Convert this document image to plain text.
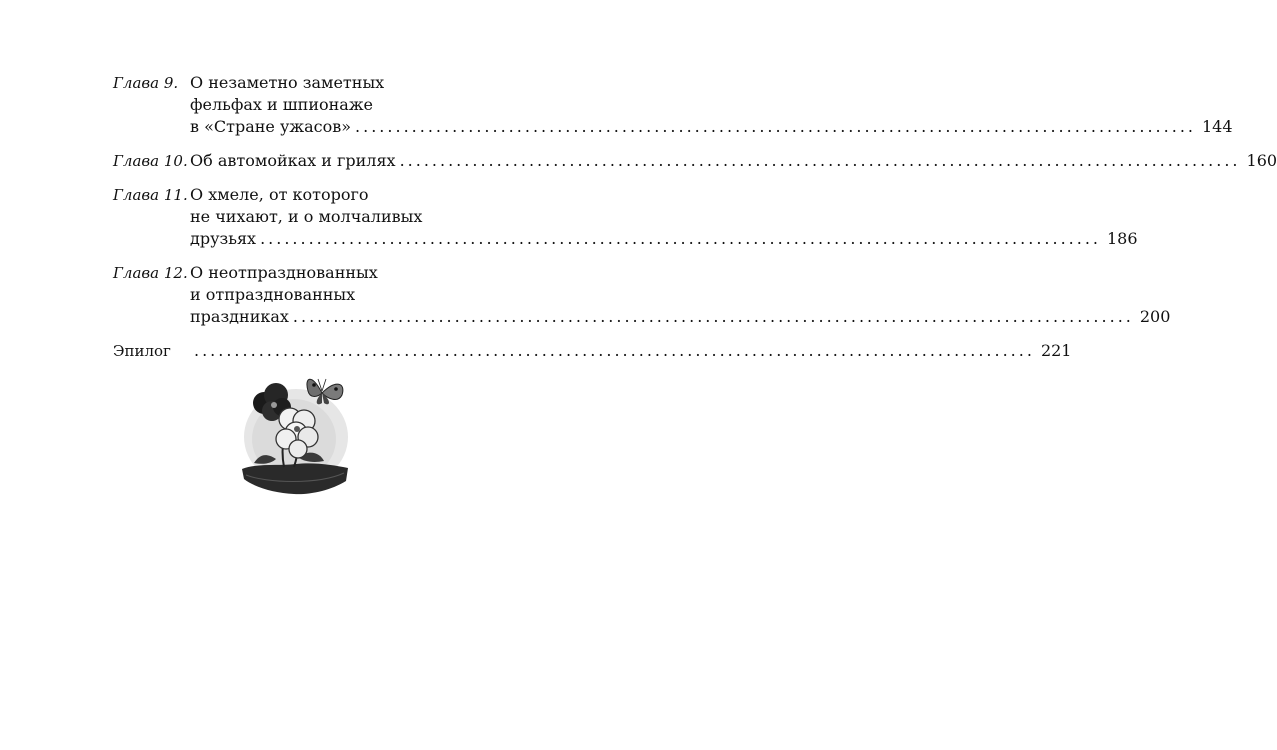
Глава 9. О незаметно заметных
фельфах и шпионаже
в «Стране ужасов» .....	144
Глава 10. Об автомойках и грилях .....	160
Глава 11. О хмеле, от которого
не чихают, и о молчаливых
друзьях .....	186
Глава 12. О неотпразднованных
и отпразднованных
праздниках .....	200
Эпилог .....	221
